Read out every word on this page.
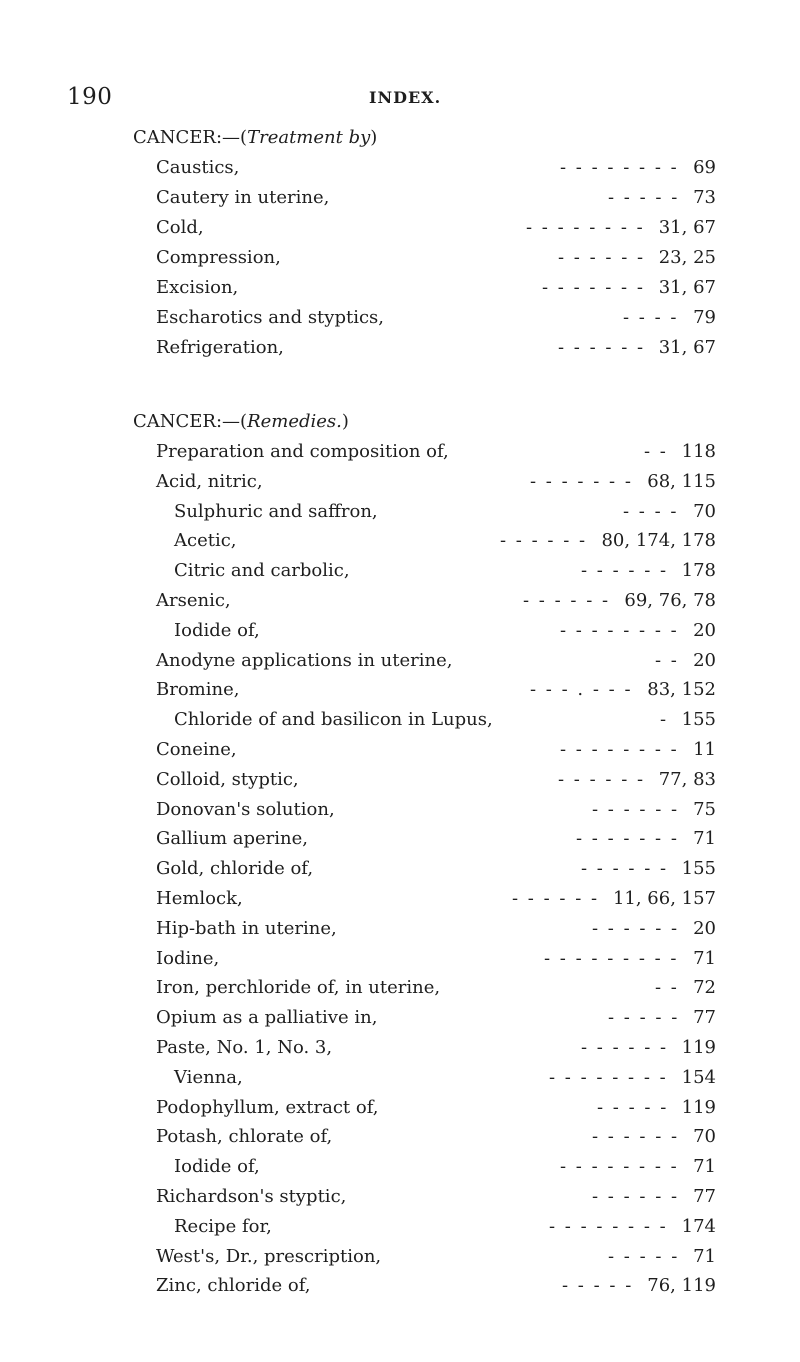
190	INDEX.
CANCER:—(Treatment by)
CANCER:—(Remedies.)
Caustics,	- - - - - - - - 69
Cautery in uterine,	- - - - - 73
Cold,	- - - - - - - - 31, 67
Compression,	- - - - - - 23, 25
Excision,	- - - - - - - 31, 67
Escharotics and styptics,	- - - - 79
Refrigeration,	- - - - - - 31, 67
Preparation and composition of,	- - 118
Acid, nitric,	- - - - - - - 68, 115
Sulphuric and saffron,	- - - - 70
Acetic,	- - - - - - 80, 174, 178
Citric and carbolic,	- - - - - - 178
Arsenic,	- - - - - - 69, 76, 78
Iodide of,	- - - - - - - - 20
Anodyne applications in uterine,	- - 20
Bromine,	- - - . - - - 83, 152
Chloride of and basilicon in Lupus,	- 155
Coneine,	- - - - - - - - 11
Colloid, styptic,	- - - - - - 77, 83
Donovan's solution,	- - - - - - 75
Gallium aperine,	- - - - - - - 71
Gold, chloride of,	- - - - - - 155
Hemlock,	- - - - - - 11, 66, 157
Hip-bath in uterine,	- - - - - - 20
Iodine,	- - - - - - - - - 71
Iron, perchloride of, in uterine,	- - 72
Opium as a palliative in,	- - - - - 77
Paste, No. 1, No. 3,	- - - - - - 119
Vienna,	- - - - - - - - 154
Podophyllum, extract of,	- - - - - 119
Potash, chlorate of,	- - - - - - 70
Iodide of,	- - - - - - - - 71
Richardson's styptic,	- - - - - - 77
Recipe for,	- - - - - - - - 174
West's, Dr., prescription,	- - - - - 71
Zinc, chloride of,	- - - - - 76, 119
